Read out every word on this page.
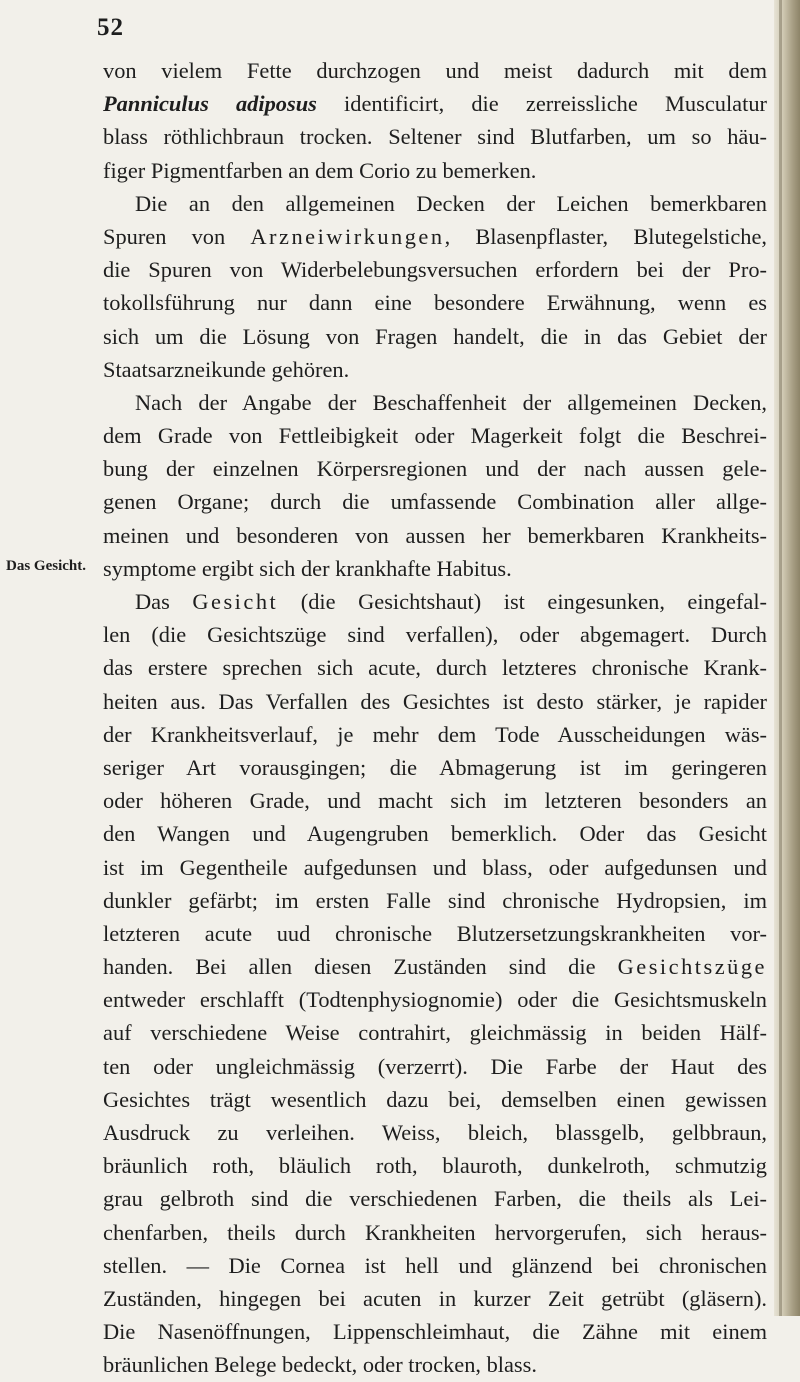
52
Das Gesicht.
von vielem Fette durchzogen und meist dadurch mit dem
Panniculus adiposus identificirt, die zerreissliche Musculatur
blass röthlichbraun trocken. Seltener sind Blutfarben, um so häu-
figer Pigmentfarben an dem Corio zu bemerken.
Die an den allgemeinen Decken der Leichen bemerkbaren
Spuren von Arzneiwirkungen, Blasenpflaster, Blutegelstiche,
die Spuren von Widerbelebungsversuchen erfordern bei der Pro-
tokollsführung nur dann eine besondere Erwähnung, wenn es
sich um die Lösung von Fragen handelt, die in das Gebiet der
Staatsarzneikunde gehören.
Nach der Angabe der Beschaffenheit der allgemeinen Decken,
dem Grade von Fettleibigkeit oder Magerkeit folgt die Beschrei-
bung der einzelnen Körpersregionen und der nach aussen gele-
genen Organe; durch die umfassende Combination aller allge-
meinen und besonderen von aussen her bemerkbaren Krankheits-
symptome ergibt sich der krankhafte Habitus.
Das Gesicht (die Gesichtshaut) ist eingesunken, eingefal-
len (die Gesichtszüge sind verfallen), oder abgemagert. Durch
das erstere sprechen sich acute, durch letzteres chronische Krank-
heiten aus. Das Verfallen des Gesichtes ist desto stärker, je rapider
der Krankheitsverlauf, je mehr dem Tode Ausscheidungen wäs-
seriger Art vorausgingen; die Abmagerung ist im geringeren
oder höheren Grade, und macht sich im letzteren besonders an
den Wangen und Augengruben bemerklich. Oder das Gesicht
ist im Gegentheile aufgedunsen und blass, oder aufgedunsen und
dunkler gefärbt; im ersten Falle sind chronische Hydropsien, im
letzteren acute uud chronische Blutzersetzungskrankheiten vor-
handen. Bei allen diesen Zuständen sind die Gesichtszüge
entweder erschlafft (Todtenphysiognomie) oder die Gesichtsmuskeln
auf verschiedene Weise contrahirt, gleichmässig in beiden Hälf-
ten oder ungleichmässig (verzerrt). Die Farbe der Haut des
Gesichtes trägt wesentlich dazu bei, demselben einen gewissen
Ausdruck zu verleihen. Weiss, bleich, blassgelb, gelbbraun,
bräunlich roth, bläulich roth, blauroth, dunkelroth, schmutzig
grau gelbroth sind die verschiedenen Farben, die theils als Lei-
chenfarben, theils durch Krankheiten hervorgerufen, sich heraus-
stellen. — Die Cornea ist hell und glänzend bei chronischen
Zuständen, hingegen bei acuten in kurzer Zeit getrübt (gläsern).
Die Nasenöffnungen, Lippenschleimhaut, die Zähne mit einem
bräunlichen Belege bedeckt, oder trocken, blass.
